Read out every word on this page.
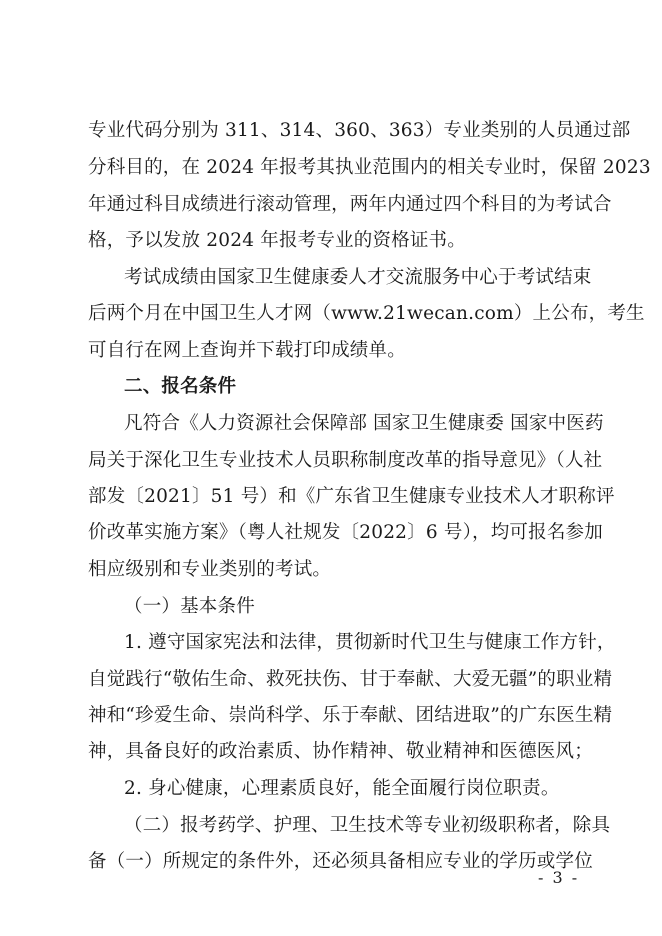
专业代码分别为 311、314、360、363）专业类别的人员通过部
分科目的，在 2024 年报考其执业范围内的相关专业时，保留 2023
年通过科目成绩进行滚动管理，两年内通过四个科目的为考试合
格，予以发放 2024 年报考专业的资格证书。
考试成绩由国家卫生健康委人才交流服务中心于考试结束
后两个月在中国卫生人才网（www.21wecan.com）上公布，考生
可自行在网上查询并下载打印成绩单。
二、报名条件
凡符合《人力资源社会保障部 国家卫生健康委 国家中医药
局关于深化卫生专业技术人员职称制度改革的指导意见》（人社
部发〔2021〕51 号）和《广东省卫生健康专业技术人才职称评
价改革实施方案》（粤人社规发〔2022〕6 号），均可报名参加
相应级别和专业类别的考试。
（一）基本条件
1. 遵守国家宪法和法律，贯彻新时代卫生与健康工作方针，
自觉践行“敬佑生命、救死扶伤、甘于奉献、大爱无疆”的职业精
神和“珍爱生命、崇尚科学、乐于奉献、团结进取”的广东医生精
神，具备良好的政治素质、协作精神、敬业精神和医德医风；
2. 身心健康，心理素质良好，能全面履行岗位职责。
（二）报考药学、护理、卫生技术等专业初级职称者，除具
备（一）所规定的条件外，还必须具备相应专业的学历或学位
- 3 -
